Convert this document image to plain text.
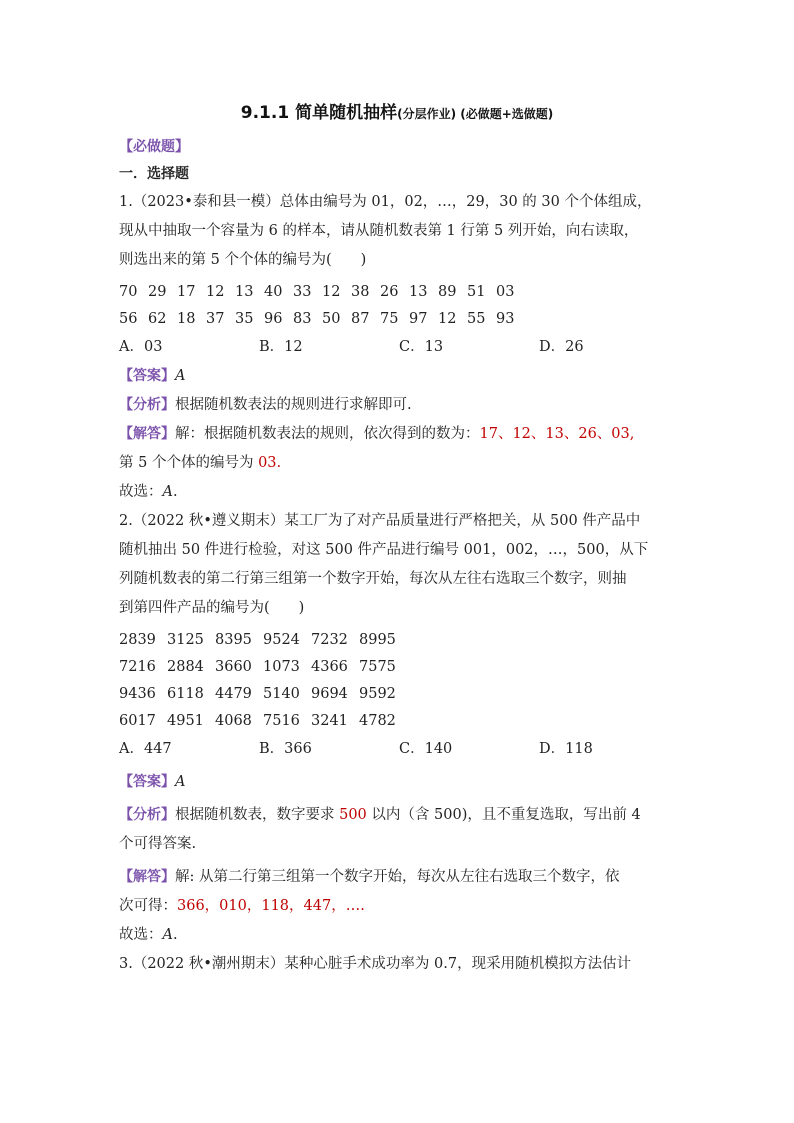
9.1.1 简单随机抽样(分层作业) (必做题+选做题)
【必做题】
一．选择题
1.（2023•泰和县一模）总体由编号为 01，02，…，29，30 的 30 个个体组成，
现从中抽取一个容量为 6 的样本，请从随机数表第 1 行第 5 列开始，向右读取，
则选出来的第 5 个个体的编号为(　　)
70 29 17 12 13 40 33 12 38 26 13 89 51 03
56 62 18 37 35 96 83 50 87 75 97 12 55 93
A．03	B．12	C．13	D．26
【答案】A
【分析】根据随机数表法的规则进行求解即可.
【解答】解：根据随机数表法的规则，依次得到的数为：17、12、13、26、03,
第 5 个个体的编号为 03.
故选：A.
2.（2022 秋•遵义期末）某工厂为了对产品质量进行严格把关，从 500 件产品中
随机抽出 50 件进行检验，对这 500 件产品进行编号 001，002，…，500，从下
列随机数表的第二行第三组第一个数字开始，每次从左往右选取三个数字，则抽
到第四件产品的编号为(　　)
2839 3125 8395 9524 7232 8995
7216 2884 3660 1073 4366 7575
9436 6118 4479 5140 9694 9592
6017 4951 4068 7516 3241 4782
A．447	B．366	C．140	D．118
【答案】A
【分析】根据随机数表，数字要求 500 以内（含 500)，且不重复选取，写出前 4
个可得答案.
【解答】解: 从第二行第三组第一个数字开始，每次从左往右选取三个数字，依
次可得：366，010，118，447，….
故选：A.
3.（2022 秋•潮州期末）某种心脏手术成功率为 0.7，现采用随机模拟方法估计
